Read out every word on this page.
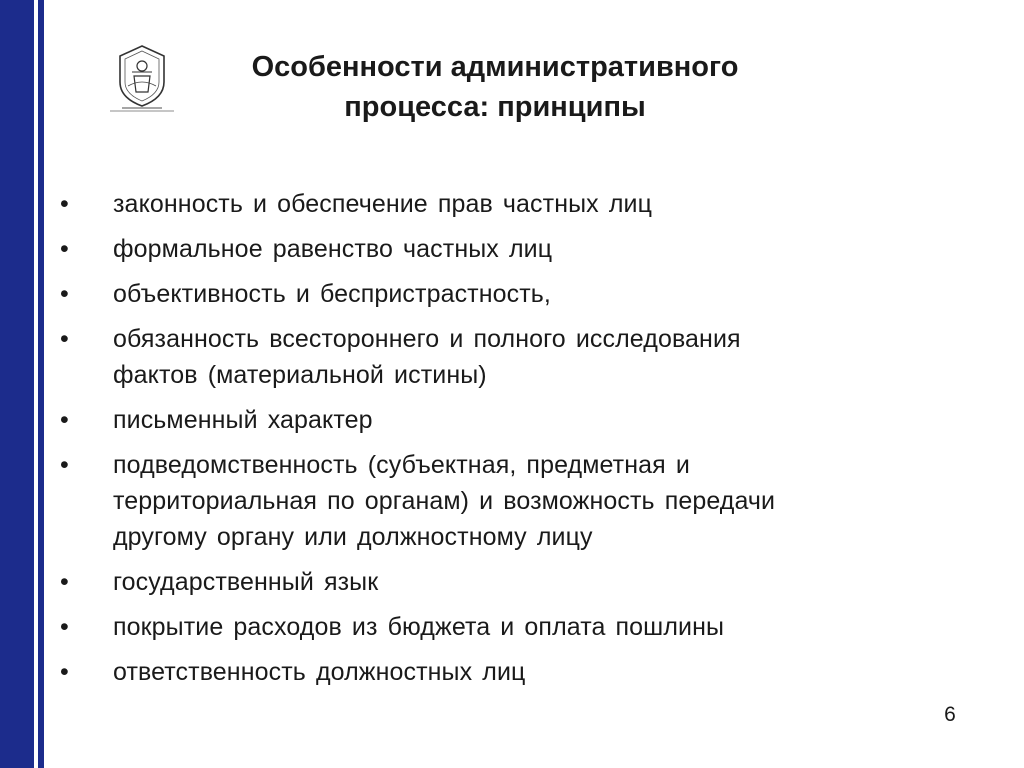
Особенности административного
процесса: принципы
•	законность и обеспечение прав частных лиц
•	формальное равенство частных лиц
•	объективность и беспристрастность,
•	обязанность всестороннего и полного исследования
фактов (материальной истины)
•	письменный характер
•	подведомственность (субъектная, предметная и
территориальная по органам) и возможность передачи
другому органу или должностному лицу
•	государственный язык
•	покрытие расходов из бюджета и оплата пошлины
•	ответственность должностных лиц
6
